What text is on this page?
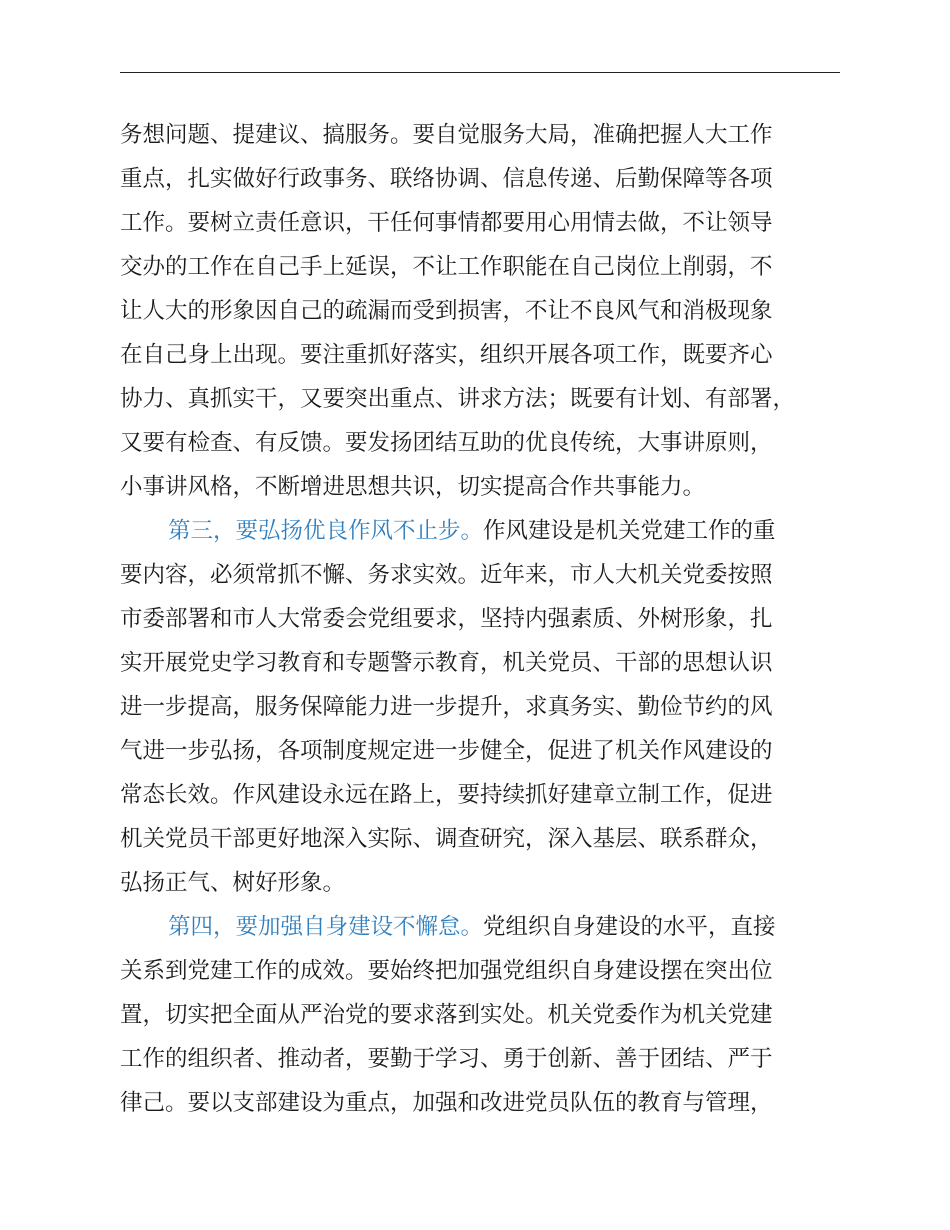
务想问题、提建议、搞服务。要自觉服务大局，准确把握人大工作
重点，扎实做好行政事务、联络协调、信息传递、后勤保障等各项
工作。要树立责任意识，干任何事情都要用心用情去做，不让领导
交办的工作在自己手上延误，不让工作职能在自己岗位上削弱，不
让人大的形象因自己的疏漏而受到损害，不让不良风气和消极现象
在自己身上出现。要注重抓好落实，组织开展各项工作，既要齐心
协力、真抓实干，又要突出重点、讲求方法；既要有计划、有部署，
又要有检查、有反馈。要发扬团结互助的优良传统，大事讲原则，
小事讲风格，不断增进思想共识，切实提高合作共事能力。
第三，要弘扬优良作风不止步。作风建设是机关党建工作的重
要内容，必须常抓不懈、务求实效。近年来，市人大机关党委按照
市委部署和市人大常委会党组要求，坚持内强素质、外树形象，扎
实开展党史学习教育和专题警示教育，机关党员、干部的思想认识
进一步提高，服务保障能力进一步提升，求真务实、勤俭节约的风
气进一步弘扬，各项制度规定进一步健全，促进了机关作风建设的
常态长效。作风建设永远在路上，要持续抓好建章立制工作，促进
机关党员干部更好地深入实际、调查研究，深入基层、联系群众，
弘扬正气、树好形象。
第四，要加强自身建设不懈怠。党组织自身建设的水平，直接
关系到党建工作的成效。要始终把加强党组织自身建设摆在突出位
置，切实把全面从严治党的要求落到实处。机关党委作为机关党建
工作的组织者、推动者，要勤于学习、勇于创新、善于团结、严于
律己。要以支部建设为重点，加强和改进党员队伍的教育与管理，
